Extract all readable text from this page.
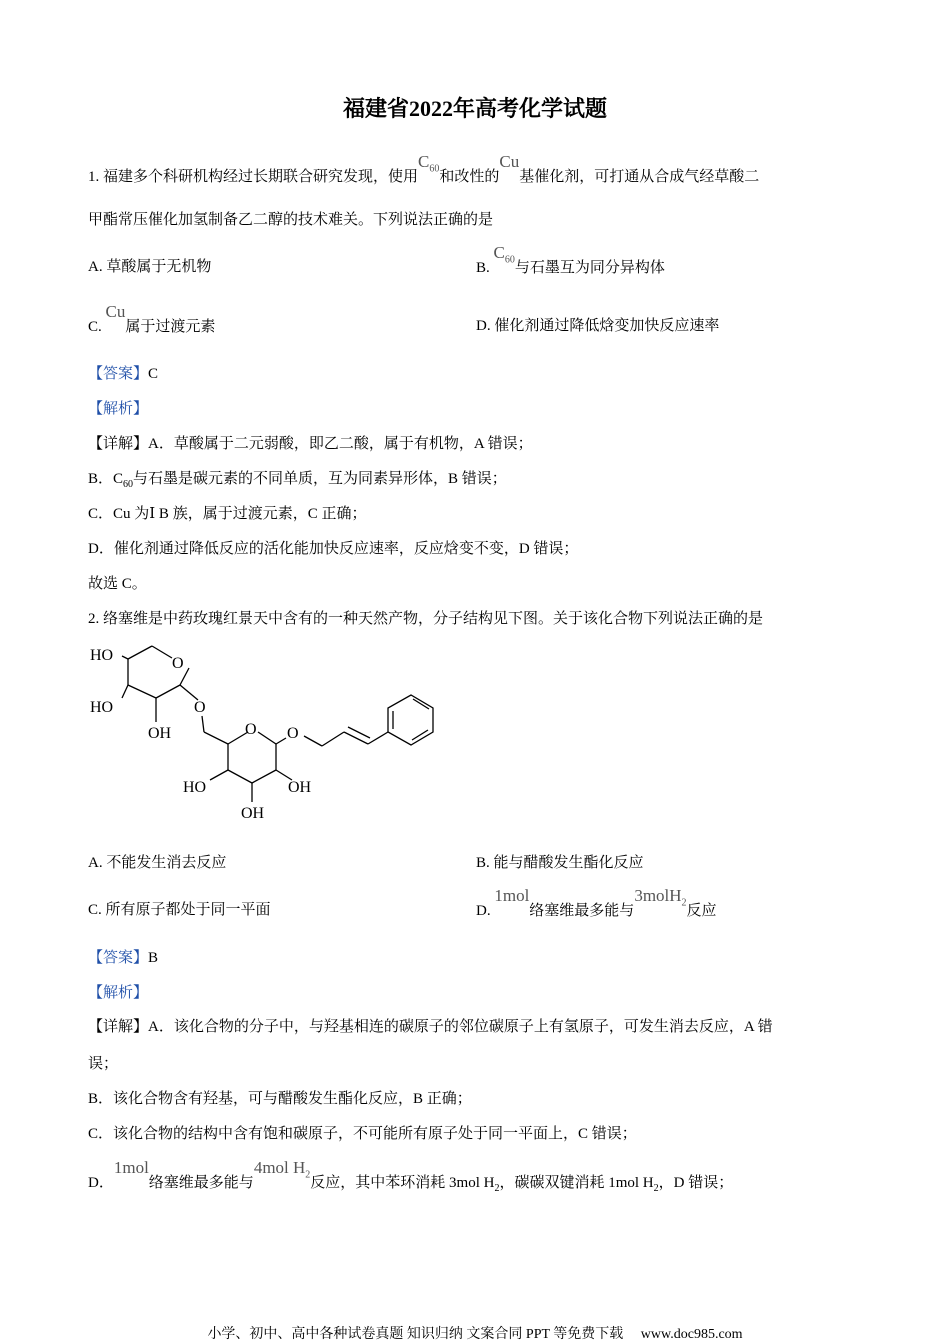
福建省2022年高考化学试题
1. 福建多个科研机构经过长期联合研究发现，使用$C_{60}$和改性的Cu基催化剂，可打通从合成气经草酸二
甲酯常压催化加氢制备乙二醇的技术难关。下列说法正确的是
A. 草酸属于无机物	B. $C_{60}$与石墨互为同分异构体
C. Cu属于过渡元素	D. 催化剂通过降低焓变加快反应速率
【答案】C
【解析】
【详解】A．草酸属于二元弱酸，即乙二酸，属于有机物，A 错误；
B．$C_{60}$与石墨是碳元素的不同单质，互为同素异形体，B 错误；
C．Cu 为Ⅰ B 族，属于过渡元素，C 正确；
D．催化剂通过降低反应的活化能加快反应速率，反应焓变不变，D 错误；
故选 C。
2. 络塞维是中药玫瑰红景天中含有的一种天然产物，分子结构见下图。关于该化合物下列说法正确的是
HO	O
HO
OH
O
O O
HO	OH
OH
A. 不能发生消去反应	B. 能与醋酸发生酯化反应
C. 所有原子都处于同一平面	D. 1mol络塞维最多能与3molH$_2$反应
【答案】B
【解析】
【详解】A．该化合物的分子中，与羟基相连的碳原子的邻位碳原子上有氢原子，可发生消去反应，A 错
误；
B．该化合物含有羟基，可与醋酸发生酯化反应，B 正确；
C．该化合物的结构中含有饱和碳原子，不可能所有原子处于同一平面上，C 错误；
D．1mol络塞维最多能与4mol $H_2$反应，其中苯环消耗 3mol $H_2$，碳碳双键消耗 1mol $H_2$，D 错误；
小学、初中、高中各种试卷真题 知识归纳 文案合同 PPT 等免费下载　 www.doc985.com
